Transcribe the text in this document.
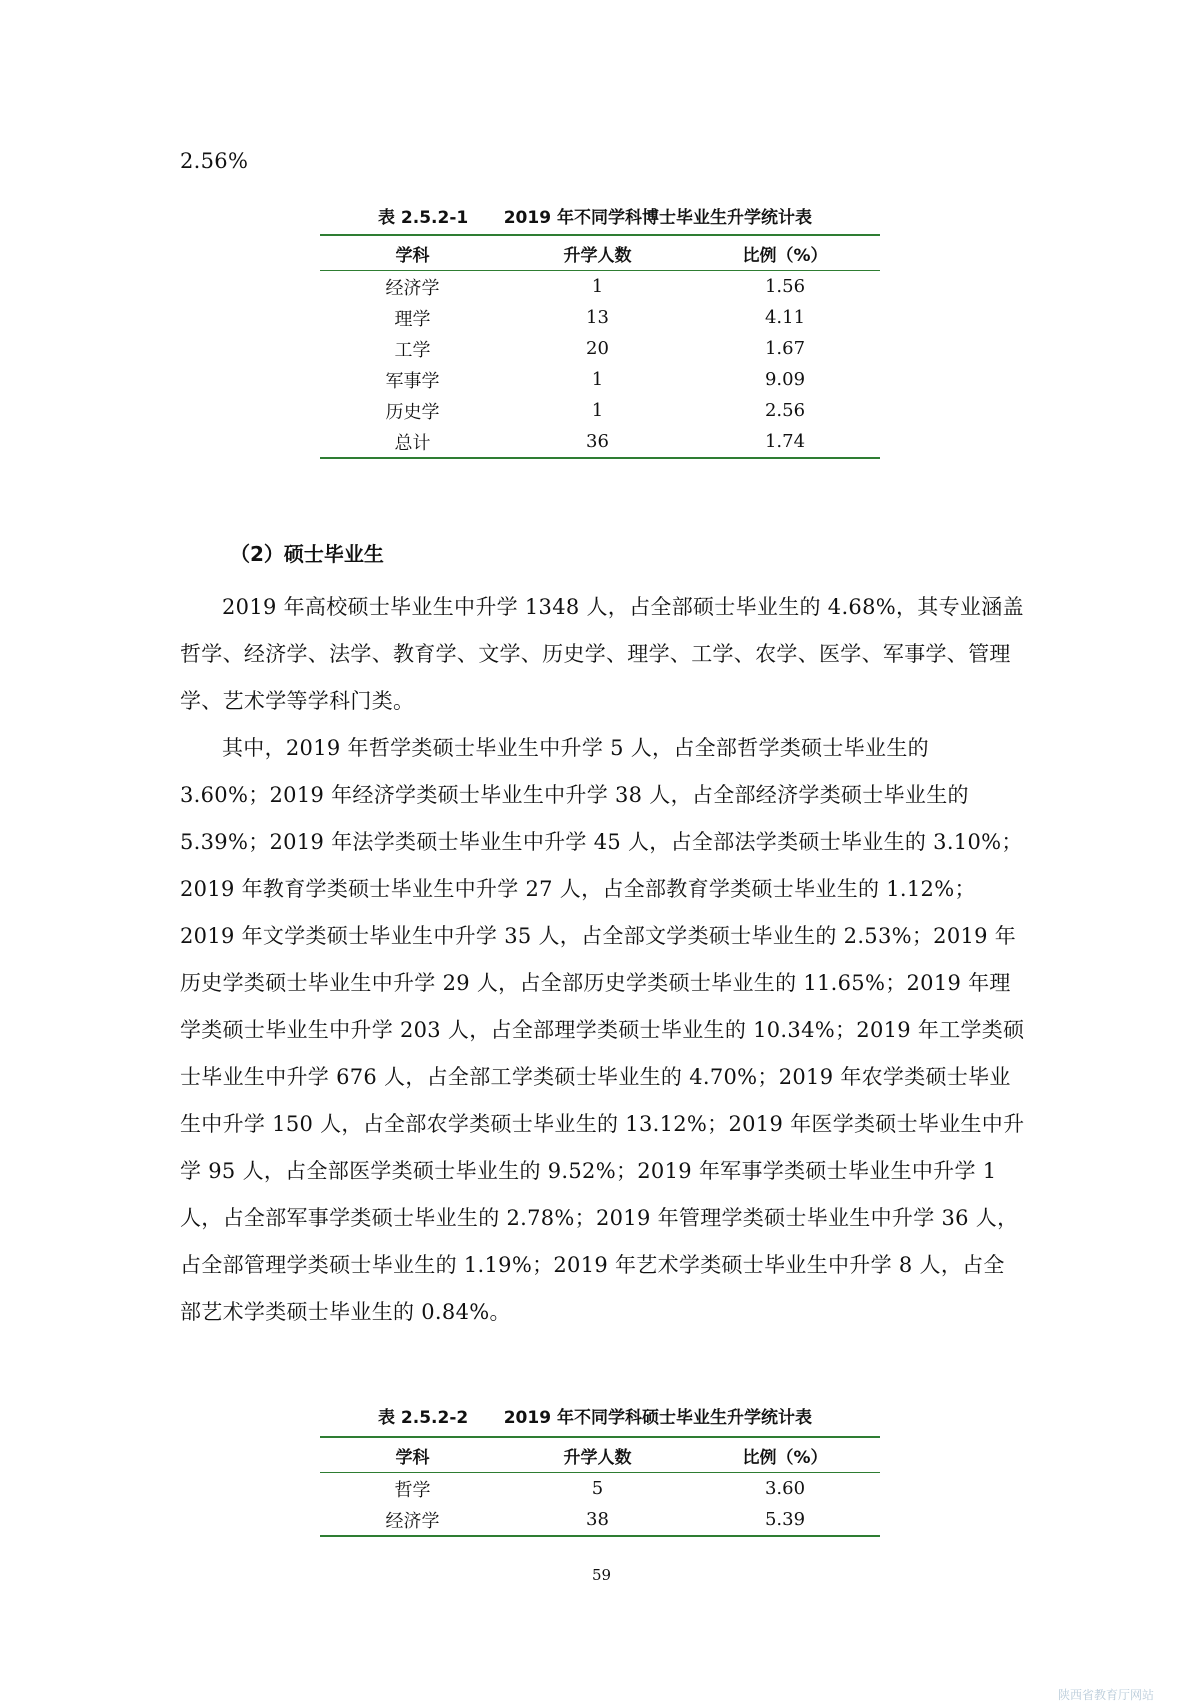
2.56%
表 2.5.2-1      2019 年不同学科博士毕业生升学统计表
学科	升学人数	比例（%）
经济学	1	1.56
理学	13	4.11
工学	20	1.67
军事学	1	9.09
历史学	1	2.56
总计	36	1.74
（2）硕士毕业生

2019 年高校硕士毕业生中升学 1348 人，占全部硕士毕业生的 4.68%，其专业涵盖哲学、经济学、法学、教育学、文学、历史学、理学、工学、农学、医学、军事学、管理学、艺术学等学科门类。

其中，2019 年哲学类硕士毕业生中升学 5 人，占全部哲学类硕士毕业生的 3.60%；2019 年经济学类硕士毕业生中升学 38 人，占全部经济学类硕士毕业生的 5.39%；2019 年法学类硕士毕业生中升学 45 人，占全部法学类硕士毕业生的 3.10%；2019 年教育学类硕士毕业生中升学 27 人，占全部教育学类硕士毕业生的 1.12%；2019 年文学类硕士毕业生中升学 35 人，占全部文学类硕士毕业生的 2.53%；2019 年历史学类硕士毕业生中升学 29 人，占全部历史学类硕士毕业生的 11.65%；2019 年理学类硕士毕业生中升学 203 人，占全部理学类硕士毕业生的 10.34%；2019 年工学类硕士毕业生中升学 676 人，占全部工学类硕士毕业生的 4.70%；2019 年农学类硕士毕业生中升学 150 人，占全部农学类硕士毕业生的 13.12%；2019 年医学类硕士毕业生中升学 95 人，占全部医学类硕士毕业生的 9.52%；2019 年军事学类硕士毕业生中升学 1 人，占全部军事学类硕士毕业生的 2.78%；2019 年管理学类硕士毕业生中升学 36 人，占全部管理学类硕士毕业生的 1.19%；2019 年艺术学类硕士毕业生中升学 8 人，占全部艺术学类硕士毕业生的 0.84%。

表 2.5.2-2      2019 年不同学科硕士毕业生升学统计表
学科	升学人数	比例（%）
哲学	5	3.60
经济学	38	5.39
59
陕西省教育厅网站
